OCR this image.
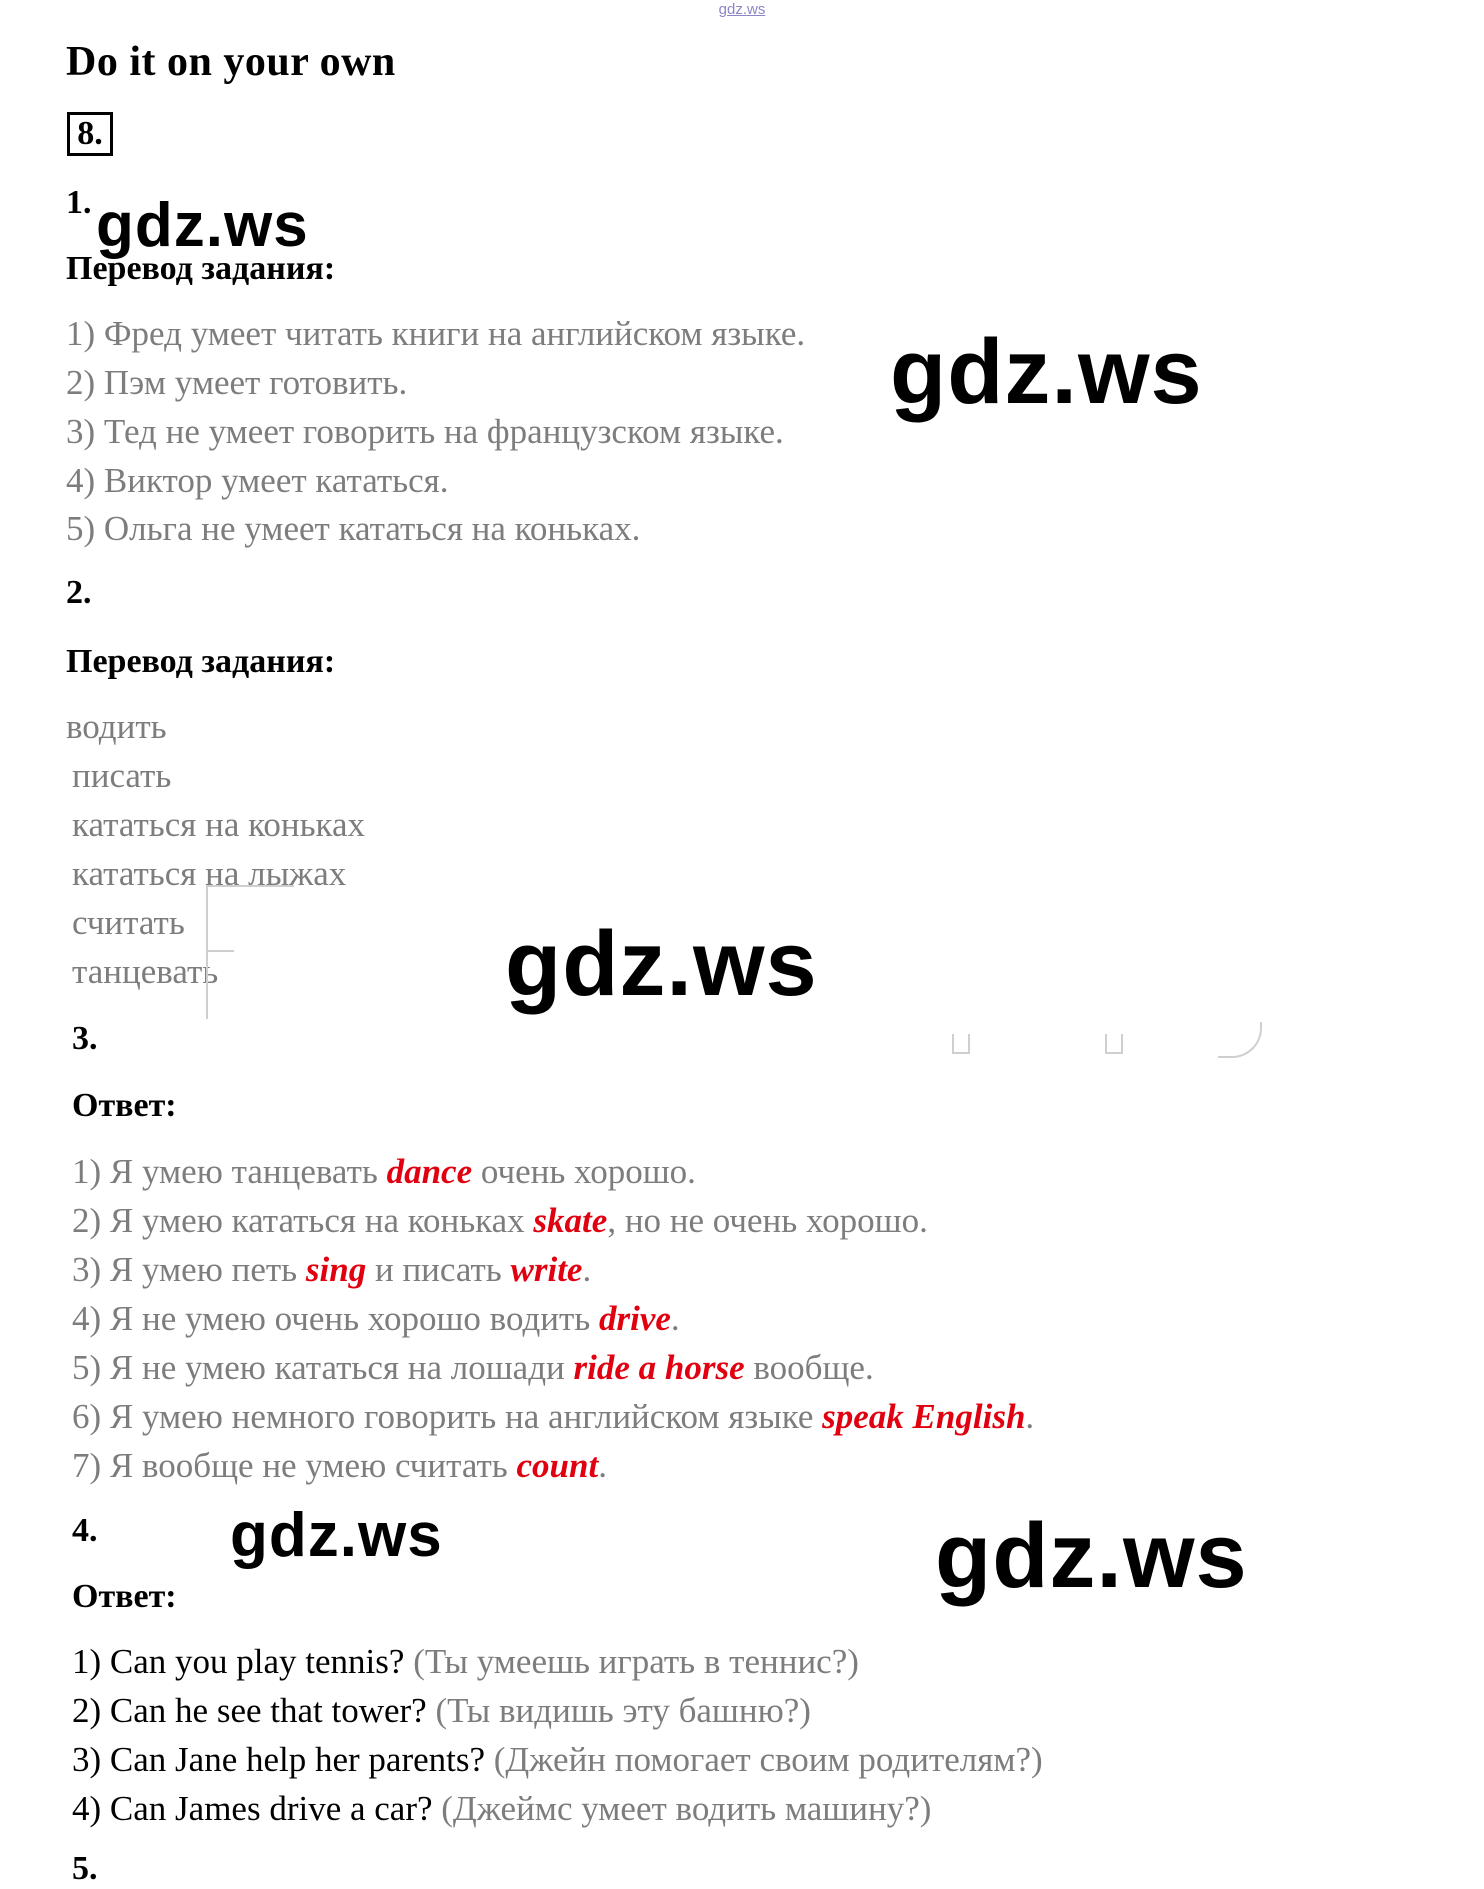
gdz.ws
Do it on your own
8.
1.
Перевод задания:
1) Фред умеет читать книги на английском языке.
2) Пэм умеет готовить.
3) Тед не умеет говорить на французском языке.
4) Виктор умеет кататься.
5) Ольга не умеет кататься на коньках.
2.
Перевод задания:
водить
писать
кататься на коньках
кататься на лыжах
считать
танцевать
3.
Ответ:
1) Я умею танцевать dance очень хорошо.
2) Я умею кататься на коньках skate, но не очень хорошо.
3) Я умею петь sing и писать write.
4) Я не умею очень хорошо водить drive.
5) Я не умею кататься на лошади ride a horse вообще.
6) Я умею немного говорить на английском языке speak English.
7) Я вообще не умею считать count.
4.
Ответ:
1) Can you play tennis? (Ты умеешь играть в теннис?)
2) Can he see that tower? (Ты видишь эту башню?)
3) Can Jane help her parents? (Джейн помогает своим родителям?)
4) Can James drive a car? (Джеймс умеет водить машину?)
5.
gdz.ws
gdz.ws
gdz.ws
gdz.ws	gdz.ws
